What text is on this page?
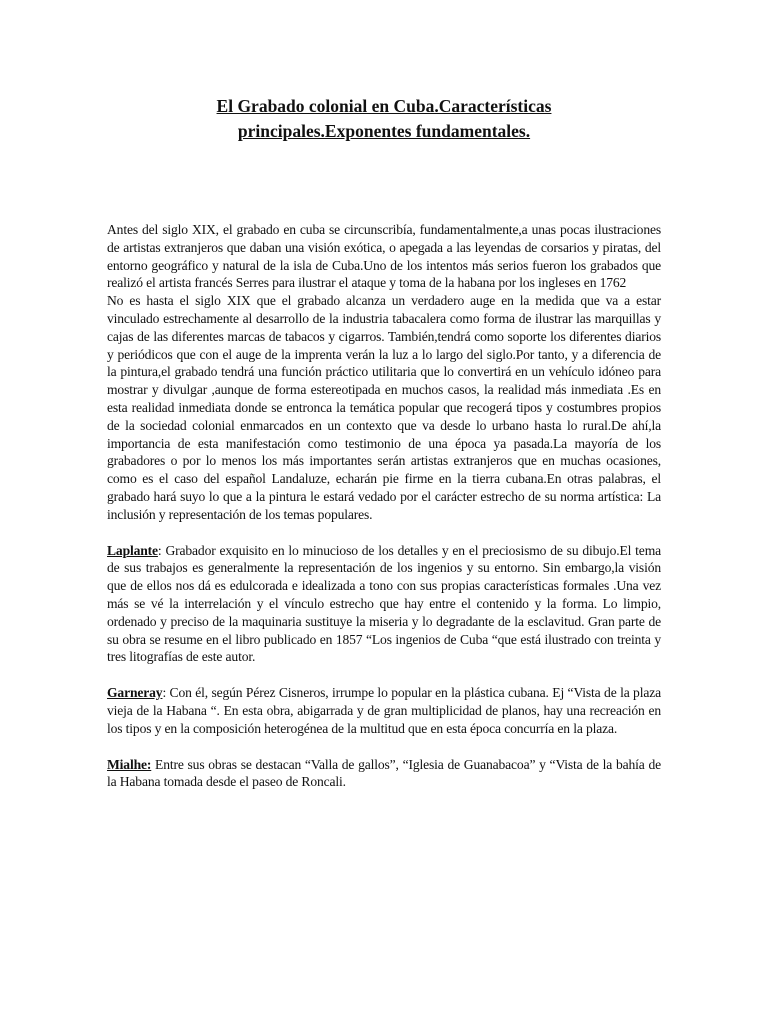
El Grabado colonial en Cuba.Características
principales.Exponentes fundamentales.

Antes del siglo XIX, el grabado en cuba se circunscribía, fundamentalmente,a unas pocas ilustraciones de artistas extranjeros que daban una visión exótica, o apegada a las leyendas de corsarios y piratas, del entorno geográfico y natural de la isla de Cuba.Uno de los intentos más serios fueron los grabados que realizó el artista francés Serres para ilustrar el ataque y toma de la habana por los ingleses en 1762

No es hasta el siglo XIX que el grabado alcanza un verdadero auge en la medida que va a estar vinculado estrechamente al desarrollo de la industria tabacalera como forma de ilustrar las marquillas y cajas de las diferentes marcas de tabacos y cigarros. También,tendrá como soporte los diferentes diarios y periódicos que con el auge de la imprenta verán la luz a lo largo del siglo.Por tanto, y a diferencia de la pintura,el grabado tendrá una función práctico utilitaria que lo convertirá en un vehículo idóneo para mostrar y divulgar ,aunque de forma estereotipada en muchos casos, la realidad más inmediata .Es en esta realidad inmediata donde se entronca la temática popular que recogerá tipos y costumbres propios de la sociedad colonial enmarcados en un contexto que va desde lo urbano hasta lo rural.De ahí,la importancia de esta manifestación como testimonio de una época ya pasada.La mayoría de los grabadores o por lo menos los más importantes serán artistas extranjeros que en muchas ocasiones, como es el caso del español Landaluze, echarán pie firme en la tierra cubana.En otras palabras, el grabado hará suyo lo que a la pintura le estará vedado por el carácter estrecho de su norma artística: La inclusión y representación de los temas populares.

Laplante: Grabador exquisito en lo minucioso de los detalles y en el preciosismo de su dibujo.El tema de sus trabajos es generalmente la representación de los ingenios y su entorno. Sin embargo,la visión que de ellos nos dá es edulcorada e idealizada a tono con sus propias características formales .Una vez más se vé la interrelación y el vínculo estrecho que hay entre el contenido y la forma. Lo limpio, ordenado y preciso de la maquinaria sustituye la miseria y lo degradante de la esclavitud. Gran parte de su obra se resume en el libro publicado en 1857 “Los ingenios de Cuba “que está ilustrado con treinta y tres litografías de este autor.

Garneray: Con él, según Pérez Cisneros, irrumpe lo popular en la plástica cubana. Ej “Vista de la plaza vieja de la Habana “. En esta obra, abigarrada y de gran multiplicidad de planos, hay una recreación en los tipos y en la composición heterogénea de la multitud que en esta época concurría en la plaza.

Mialhe: Entre sus obras se destacan “Valla de gallos”, “Iglesia de Guanabacoa” y “Vista de la bahía de la Habana tomada desde el paseo de Roncali.
